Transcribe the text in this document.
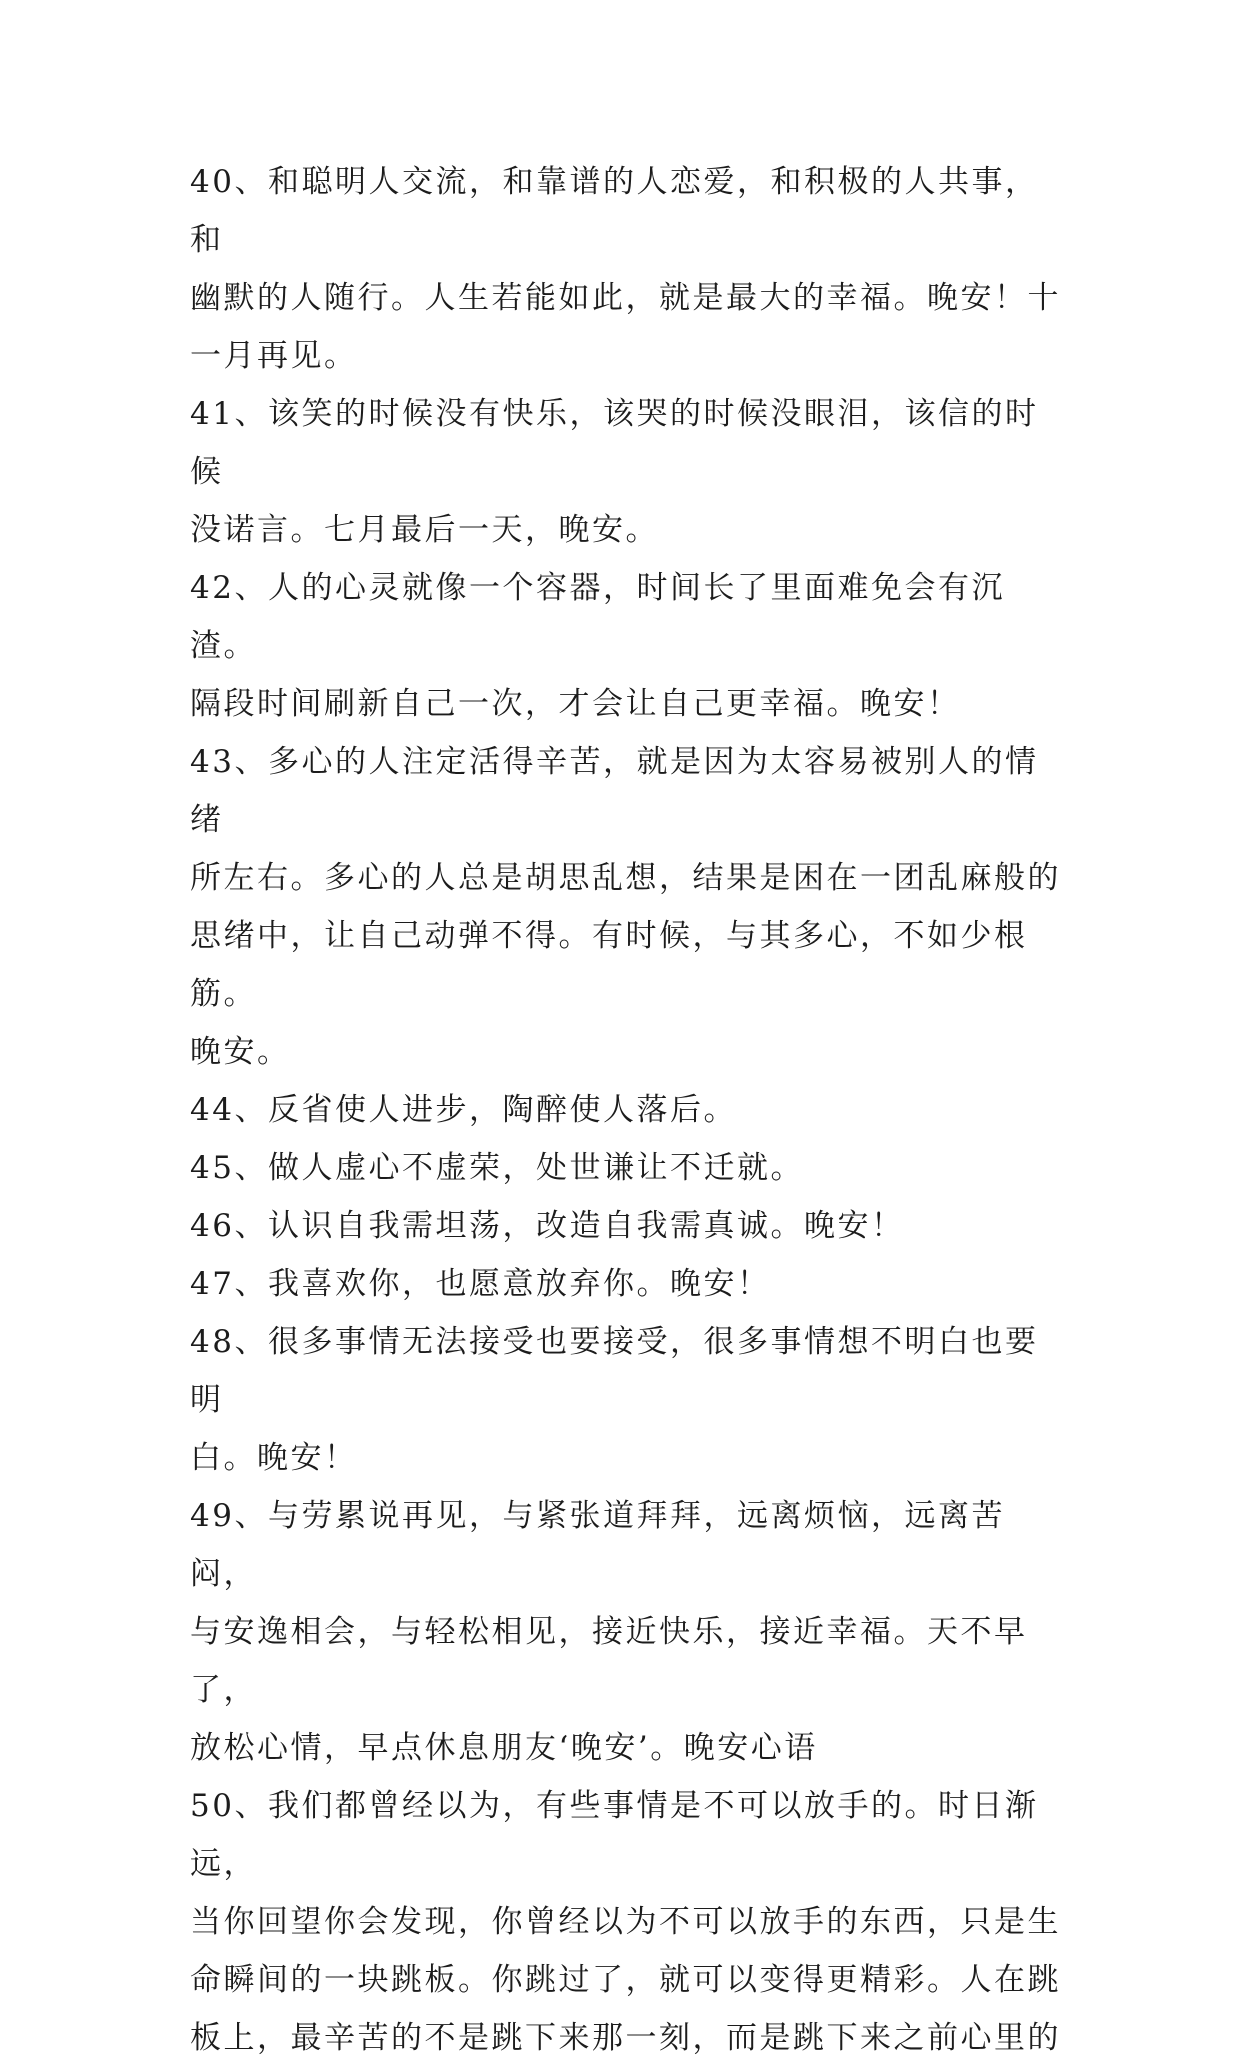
40、和聪明人交流，和靠谱的人恋爱，和积极的人共事，和
幽默的人随行。人生若能如此，就是最大的幸福。晚安！十
一月再见。

41、该笑的时候没有快乐，该哭的时候没眼泪，该信的时候
没诺言。七月最后一天，晚安。

42、人的心灵就像一个容器，时间长了里面难免会有沉渣。
隔段时间刷新自己一次，才会让自己更幸福。晚安！

43、多心的人注定活得辛苦，就是因为太容易被别人的情绪
所左右。多心的人总是胡思乱想，结果是困在一团乱麻般的
思绪中，让自己动弹不得。有时候，与其多心，不如少根筋。
晚安。

44、反省使人进步，陶醉使人落后。

45、做人虚心不虚荣，处世谦让不迁就。

46、认识自我需坦荡，改造自我需真诚。晚安！

47、我喜欢你，也愿意放弃你。晚安！

48、很多事情无法接受也要接受，很多事情想不明白也要明
白。晚安！

49、与劳累说再见，与紧张道拜拜，远离烦恼，远离苦闷，
与安逸相会，与轻松相见，接近快乐，接近幸福。天不早了，
放松心情，早点休息朋友‘晚安’。晚安心语

50、我们都曾经以为，有些事情是不可以放手的。时日渐远，
当你回望你会发现，你曾经以为不可以放手的东西，只是生
命瞬间的一块跳板。你跳过了，就可以变得更精彩。人在跳
板上，最辛苦的不是跳下来那一刻，而是跳下来之前心里的
